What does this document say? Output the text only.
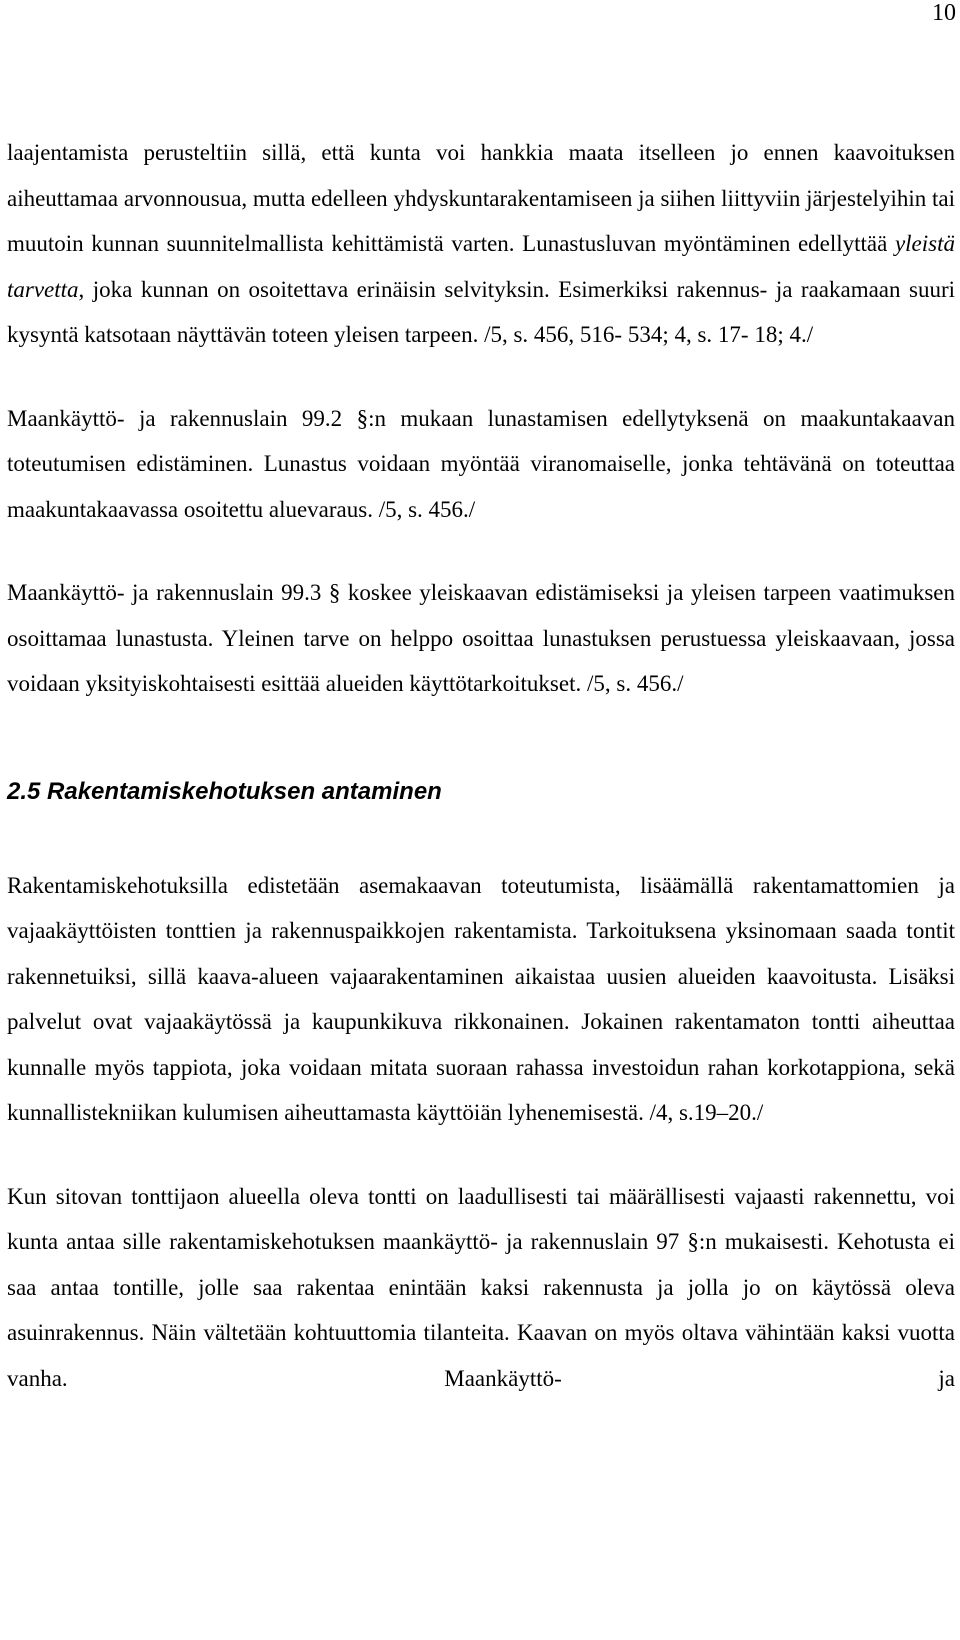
10

laajentamista perusteltiin sillä, että kunta voi hankkia maata itselleen jo ennen kaavoituksen aiheuttamaa arvonnousua, mutta edelleen yhdyskuntarakentamiseen ja siihen liittyviin järjestelyihin tai muutoin kunnan suunnitelmallista kehittämistä varten. Lunastusluvan myöntäminen edellyttää yleistä tarvetta, joka kunnan on osoitettava erinäisin selvityksin. Esimerkiksi rakennus- ja raakamaan suuri kysyntä katsotaan näyttävän toteen yleisen tarpeen. /5, s. 456, 516- 534; 4, s. 17- 18; 4./

Maankäyttö- ja rakennuslain 99.2 §:n mukaan lunastamisen edellytyksenä on maakuntakaavan toteutumisen edistäminen. Lunastus voidaan myöntää viranomaiselle, jonka tehtävänä on toteuttaa maakuntakaavassa osoitettu aluevaraus. /5, s. 456./

Maankäyttö- ja rakennuslain 99.3 § koskee yleiskaavan edistämiseksi ja yleisen tarpeen vaatimuksen osoittamaa lunastusta. Yleinen tarve on helppo osoittaa lunastuksen perustuessa yleiskaavaan, jossa voidaan yksityiskohtaisesti esittää alueiden käyttötarkoitukset. /5, s. 456./

2.5 Rakentamiskehotuksen antaminen

Rakentamiskehotuksilla edistetään asemakaavan toteutumista, lisäämällä rakentamattomien ja vajaakäyttöisten tonttien ja rakennuspaikkojen rakentamista. Tarkoituksena yksinomaan saada tontit rakennetuiksi, sillä kaava-alueen vajaarakentaminen aikaistaa uusien alueiden kaavoitusta. Lisäksi palvelut ovat vajaakäytössä ja kaupunkikuva rikkonainen. Jokainen rakentamaton tontti aiheuttaa kunnalle myös tappiota, joka voidaan mitata suoraan rahassa investoidun rahan korkotappiona, sekä kunnallistekniikan kulumisen aiheuttamasta käyttöiän lyhenemisestä. /4, s.19–20./

Kun sitovan tonttijaon alueella oleva tontti on laadullisesti tai määrällisesti vajaasti rakennettu, voi kunta antaa sille rakentamiskehotuksen maankäyttö- ja rakennuslain 97 §:n mukaisesti. Kehotusta ei saa antaa tontille, jolle saa rakentaa enintään kaksi rakennusta ja jolla jo on käytössä oleva asuinrakennus. Näin vältetään kohtuuttomia tilanteita. Kaavan on myös oltava vähintään kaksi vuotta vanha. Maankäyttö- ja
